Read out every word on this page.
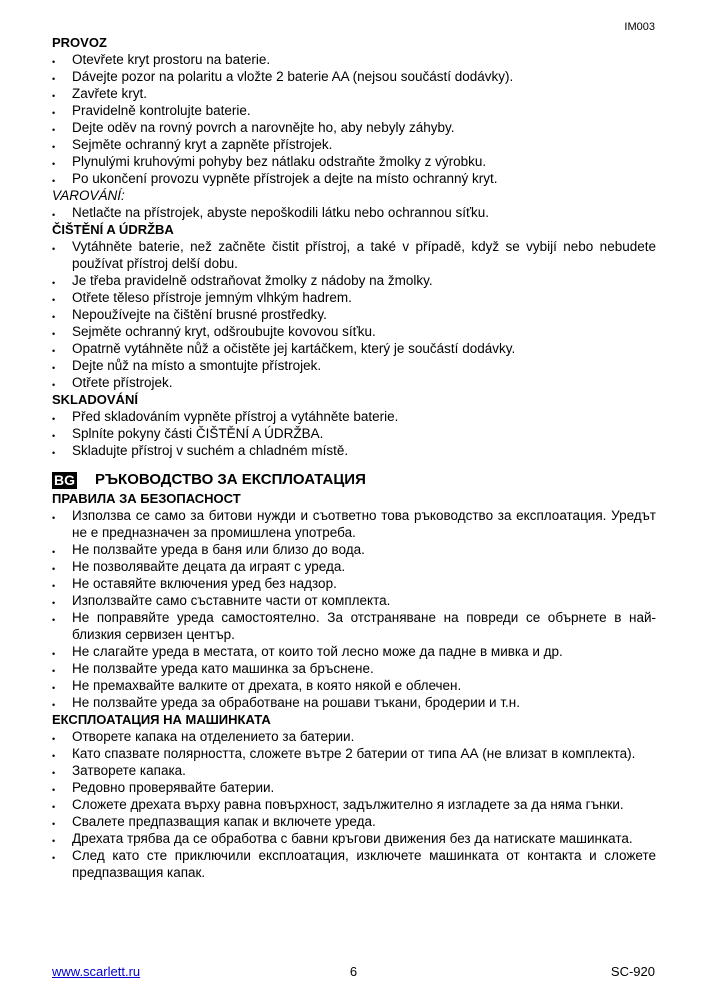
IM003
PROVOZ
• Otevřete kryt prostoru na baterie.
• Dávejte pozor na polaritu a vložte 2 baterie AA (nejsou součástí dodávky).
• Zavřete kryt.
• Pravidelně kontrolujte baterie.
• Dejte oděv na rovný povrch a narovnějte ho, aby nebyly záhyby.
• Sejměte ochranný kryt a zapněte přístrojek.
• Plynulými kruhovými pohyby bez nátlaku odstraňte žmolky z výrobku.
• Po ukončení provozu vypněte přístrojek a dejte na místo ochranný kryt.
VAROVÁNÍ:
• Netlačte na přístrojek, abyste nepoškodili látku nebo ochrannou síťku.
ČIŠTĚNÍ A ÚDRŽBA
• Vytáhněte baterie, než začněte čistit přístroj, a také v případě, když se vybijí nebo nebudete používat přístroj delší dobu.
• Je třeba pravidelně odstraňovat žmolky z nádoby na žmolky.
• Otřete těleso přístroje jemným vlhkým hadrem.
• Nepoužívejte na čištění brusné prostředky.
• Sejměte ochranný kryt, odšroubujte kovovou síťku.
• Opatrně vytáhněte nůž a očistěte jej kartáčkem, který je součástí dodávky.
• Dejte nůž na místo a smontujte přístrojek.
• Otřete přístrojek.
SKLADOVÁNÍ
• Před skladováním vypněte přístroj a vytáhněte baterie.
• Splníte pokyny části ČIŠTĚNÍ A ÚDRŽBA.
• Skladujte přístroj v suchém a chladném místě.
BG РЪКОВОДСТВО ЗА ЕКСПЛОАТАЦИЯ
ПРАВИЛА ЗА БЕЗОПАСНОСТ
• Използва се само за битови нужди и съответно това ръководство за експлоатация. Уредът не е предназначен за промишлена употреба.
• Не ползвайте уреда в баня или близо до вода.
• Не позволявайте децата да играят с уреда.
• Не оставяйте включения уред без надзор.
• Използвайте само съставните части от комплекта.
• Не поправяйте уреда самостоятелно. За отстраняване на повреди се обърнете в най-близкия сервизен център.
• Не слагайте уреда в местата, от които той лесно може да падне в мивка и др.
• Не ползвайте уреда като машинка за бръснене.
• Не премахвайте валките от дрехата, в която някой е облечен.
• Не ползвайте уреда за обработване на рошави тъкани, бродерии и т.н.
ЕКСПЛОАТАЦИЯ НА МАШИНКАТА
• Отворете капака на отделението за батерии.
• Като спазвате полярността, сложете вътре 2 батерии от типа АА (не влизат в комплекта).
• Затворете капака.
• Редовно проверявайте батерии.
• Сложете дрехата върху равна повърхност, задължително я изгладете за да няма гънки.
• Свалете предпазващия капак и включете уреда.
• Дрехата трябва да се обработва с бавни кръгови движения без да натискате машинката.
• След като сте приключили експлоатация, изключете машинката от контакта и сложете предпазващия капак.
www.scarlett.ru	6	SC-920
